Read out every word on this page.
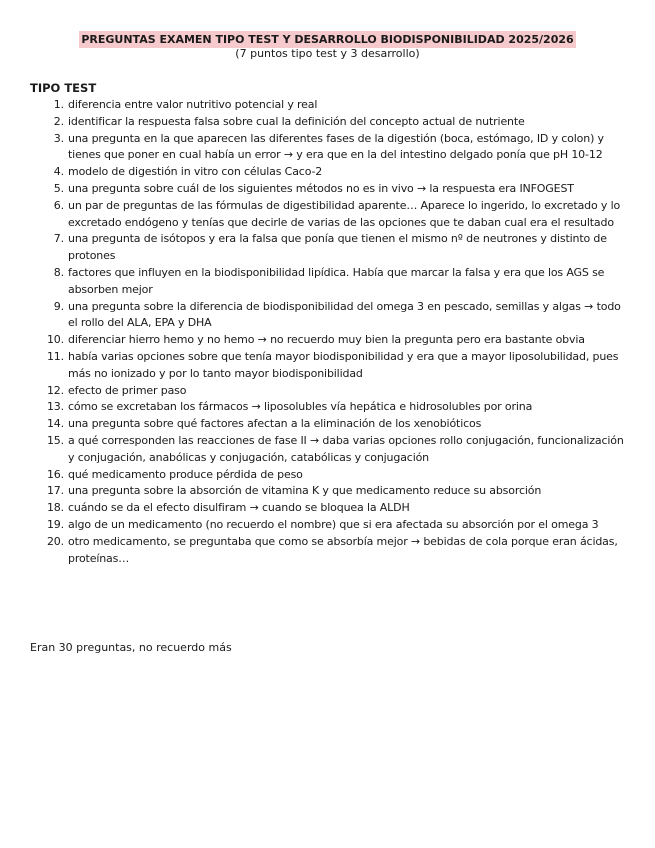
PREGUNTAS EXAMEN TIPO TEST Y DESARROLLO BIODISPONIBILIDAD 2025/2026
(7 puntos tipo test y 3 desarrollo)
TIPO TEST
1. diferencia entre valor nutritivo potencial y real
2. identificar la respuesta falsa sobre cual la definición del concepto actual de nutriente
3. una pregunta en la que aparecen las diferentes fases de la digestión (boca, estómago, ID y colon) y tienes que poner en cual había un error → y era que en la del intestino delgado ponía que pH 10-12
4. modelo de digestión in vitro con células Caco-2
5. una pregunta sobre cuál de los siguientes métodos no es in vivo → la respuesta era INFOGEST
6. un par de preguntas de las fórmulas de digestibilidad aparente… Aparece lo ingerido, lo excretado y lo excretado endógeno y tenías que decirle de varias de las opciones que te daban cual era el resultado
7. una pregunta de isótopos y era la falsa que ponía que tienen el mismo nº de neutrones y distinto de protones
8. factores que influyen en la biodisponibilidad lipídica. Había que marcar la falsa y era que los AGS se absorben mejor
9. una pregunta sobre la diferencia de biodisponibilidad del omega 3 en pescado, semillas y algas → todo el rollo del ALA, EPA y DHA
10. diferenciar hierro hemo y no hemo → no recuerdo muy bien la pregunta pero era bastante obvia
11. había varias opciones sobre que tenía mayor biodisponibilidad y era que a mayor liposolubilidad, pues más no ionizado y por lo tanto mayor biodisponibilidad
12. efecto de primer paso
13. cómo se excretaban los fármacos → liposolubles vía hepática e hidrosolubles por orina
14. una pregunta sobre qué factores afectan a la eliminación de los xenobióticos
15. a qué corresponden las reacciones de fase II → daba varias opciones rollo conjugación, funcionalización y conjugación, anabólicas y conjugación, catabólicas y conjugación
16. qué medicamento produce pérdida de peso
17. una pregunta sobre la absorción de vitamina K y que medicamento reduce su absorción
18. cuándo se da el efecto disulfiram → cuando se bloquea la ALDH
19. algo de un medicamento (no recuerdo el nombre) que si era afectada su absorción por el omega 3
20. otro medicamento, se preguntaba que como se absorbía mejor → bebidas de cola porque eran ácidas, proteínas…
Eran 30 preguntas, no recuerdo más
